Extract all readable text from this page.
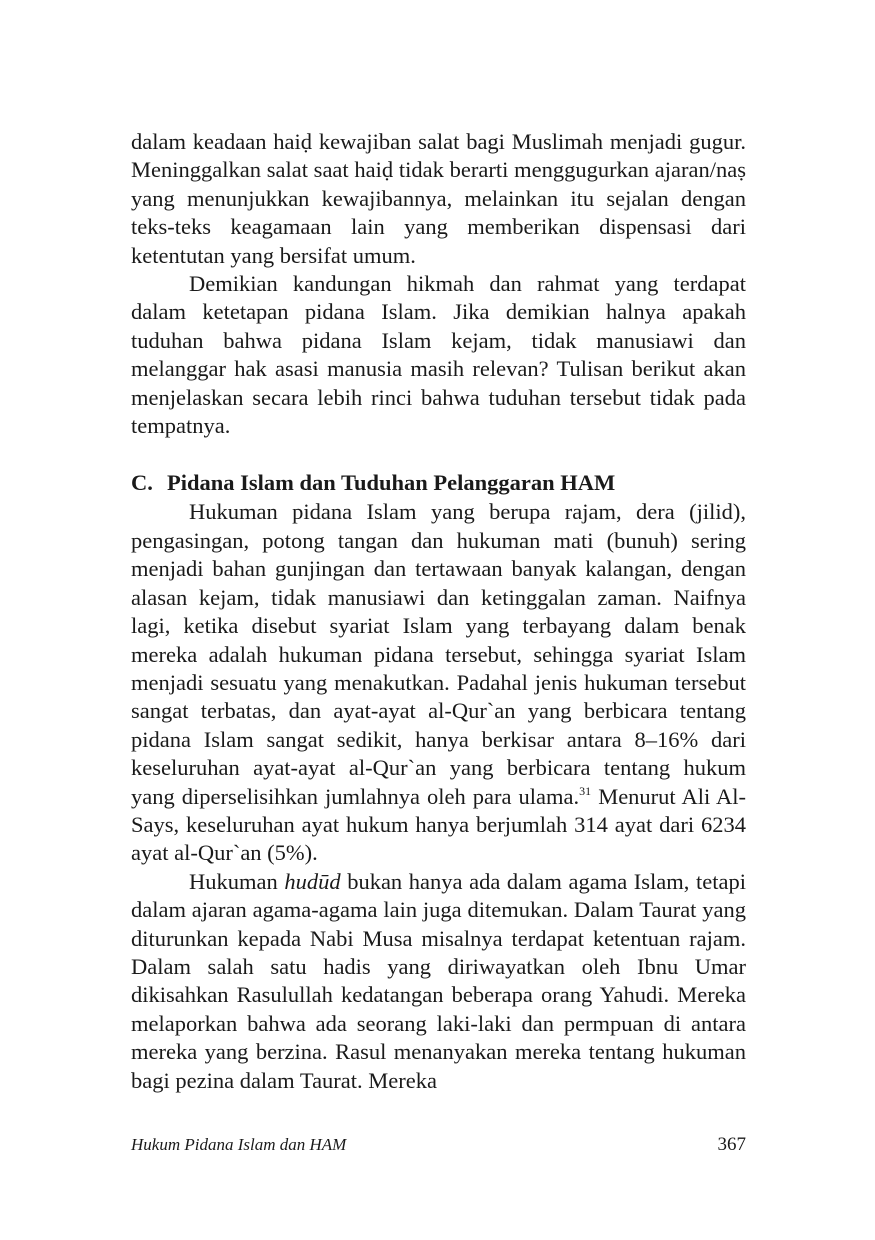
dalam keadaan haiḍ kewajiban salat bagi Muslimah menjadi gugur. Meninggalkan salat saat haiḍ tidak berarti menggugurkan ajaran/naṣ yang menunjukkan kewajibannya, melainkan itu sejalan dengan teks-teks keagamaan lain yang memberikan dispensasi dari ketentutan yang bersifat umum.

Demikian kandungan hikmah dan rahmat yang terdapat dalam ketetapan pidana Islam. Jika demikian halnya apakah tuduhan bahwa pidana Islam kejam, tidak manusiawi dan melanggar hak asasi manusia masih relevan? Tulisan berikut akan menjelaskan secara lebih rinci bahwa tuduhan tersebut tidak pada tempatnya.

C. Pidana Islam dan Tuduhan Pelanggaran HAM

Hukuman pidana Islam yang berupa rajam, dera (jilid), pengasingan, potong tangan dan hukuman mati (bunuh) sering menjadi bahan gunjingan dan tertawaan banyak kalangan, dengan alasan kejam, tidak manusiawi dan ketinggalan zaman. Naifnya lagi, ketika disebut syariat Islam yang terbayang dalam benak mereka adalah hukuman pidana tersebut, sehingga syariat Islam menjadi sesuatu yang menakutkan. Padahal jenis hukuman tersebut sangat terbatas, dan ayat-ayat al-Qur`an yang berbicara tentang pidana Islam sangat sedikit, hanya berkisar antara 8–16% dari keseluruhan ayat-ayat al-Qur`an yang berbicara tentang hukum yang diperselisihkan jumlahnya oleh para ulama.$^{31}$ Menurut Ali Al-Says, keseluruhan ayat hukum hanya berjumlah 314 ayat dari 6234 ayat al-Qur`an (5%).

Hukuman hudūd bukan hanya ada dalam agama Islam, tetapi dalam ajaran agama-agama lain juga ditemukan. Dalam Taurat yang diturunkan kepada Nabi Musa misalnya terdapat ketentuan rajam. Dalam salah satu hadis yang diriwayatkan oleh Ibnu Umar dikisahkan Rasulullah kedatangan beberapa orang Yahudi. Mereka melaporkan bahwa ada seorang laki-laki dan permpuan di antara mereka yang berzina. Rasul menanyakan mereka tentang hukuman bagi pezina dalam Taurat. Mereka

Hukum Pidana Islam dan HAM	367
